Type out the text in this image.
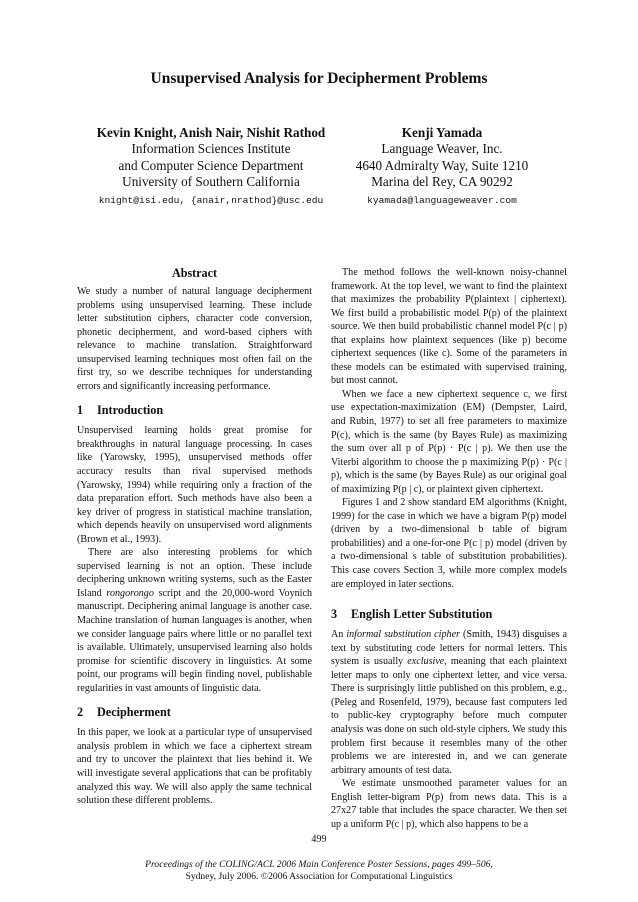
Unsupervised Analysis for Decipherment Problems
Kevin Knight, Anish Nair, Nishit Rathod
Information Sciences Institute
and Computer Science Department
University of Southern California
knight@isi.edu, {anair,nrathod}@usc.edu
Kenji Yamada
Language Weaver, Inc.
4640 Admiralty Way, Suite 1210
Marina del Rey, CA 90292
kyamada@languageweaver.com
Abstract

We study a number of natural language decipherment problems using unsupervised learning. These include letter substitution ciphers, character code conversion, phonetic decipherment, and word-based ciphers with relevance to machine translation. Straightforward unsupervised learning techniques most often fail on the first try, so we describe techniques for understanding errors and significantly increasing performance.

1 Introduction

Unsupervised learning holds great promise for breakthroughs in natural language processing. In cases like (Yarowsky, 1995), unsupervised methods offer accuracy results than rival supervised methods (Yarowsky, 1994) while requiring only a fraction of the data preparation effort. Such methods have also been a key driver of progress in statistical machine translation, which depends heavily on unsupervised word alignments (Brown et al., 1993).

There are also interesting problems for which supervised learning is not an option. These include deciphering unknown writing systems, such as the Easter Island rongorongo script and the 20,000-word Voynich manuscript. Deciphering animal language is another case. Machine translation of human languages is another, when we consider language pairs where little or no parallel text is available. Ultimately, unsupervised learning also holds promise for scientific discovery in linguistics. At some point, our programs will begin finding novel, publishable regularities in vast amounts of linguistic data.

2 Decipherment

In this paper, we look at a particular type of unsupervised analysis problem in which we face a ciphertext stream and try to uncover the plaintext that lies behind it. We will investigate several applications that can be profitably analyzed this way. We will also apply the same technical solution these different problems.

The method follows the well-known noisy-channel framework. At the top level, we want to find the plaintext that maximizes the probability P(plaintext | ciphertext). We first build a probabilistic model P(p) of the plaintext source. We then build probabilistic channel model P(c | p) that explains how plaintext sequences (like p) become ciphertext sequences (like c). Some of the parameters in these models can be estimated with supervised training, but most cannot.

When we face a new ciphertext sequence c, we first use expectation-maximization (EM) (Dempster, Laird, and Rubin, 1977) to set all free parameters to maximize P(c), which is the same (by Bayes Rule) as maximizing the sum over all p of P(p) · P(c | p). We then use the Viterbi algorithm to choose the p maximizing P(p) · P(c | p), which is the same (by Bayes Rule) as our original goal of maximizing P(p | c), or plaintext given ciphertext.

Figures 1 and 2 show standard EM algorithms (Knight, 1999) for the case in which we have a bigram P(p) model (driven by a two-dimensional b table of bigram probabilities) and a one-for-one P(c | p) model (driven by a two-dimensional s table of substitution probabilities). This case covers Section 3, while more complex models are employed in later sections.

3 English Letter Substitution

An informal substitution cipher (Smith, 1943) disguises a text by substituting code letters for normal letters. This system is usually exclusive, meaning that each plaintext letter maps to only one ciphertext letter, and vice versa. There is surprisingly little published on this problem, e.g., (Peleg and Rosenfeld, 1979), because fast computers led to public-key cryptography before much computer analysis was done on such old-style ciphers. We study this problem first because it resembles many of the other problems we are interested in, and we can generate arbitrary amounts of test data.

We estimate unsmoothed parameter values for an English letter-bigram P(p) from news data. This is a 27x27 table that includes the space character. We then set up a uniform P(c | p), which also happens to be a

499
Proceedings of the COLING/ACL 2006 Main Conference Poster Sessions, pages 499–506,
Sydney, July 2006. ©2006 Association for Computational Linguistics
